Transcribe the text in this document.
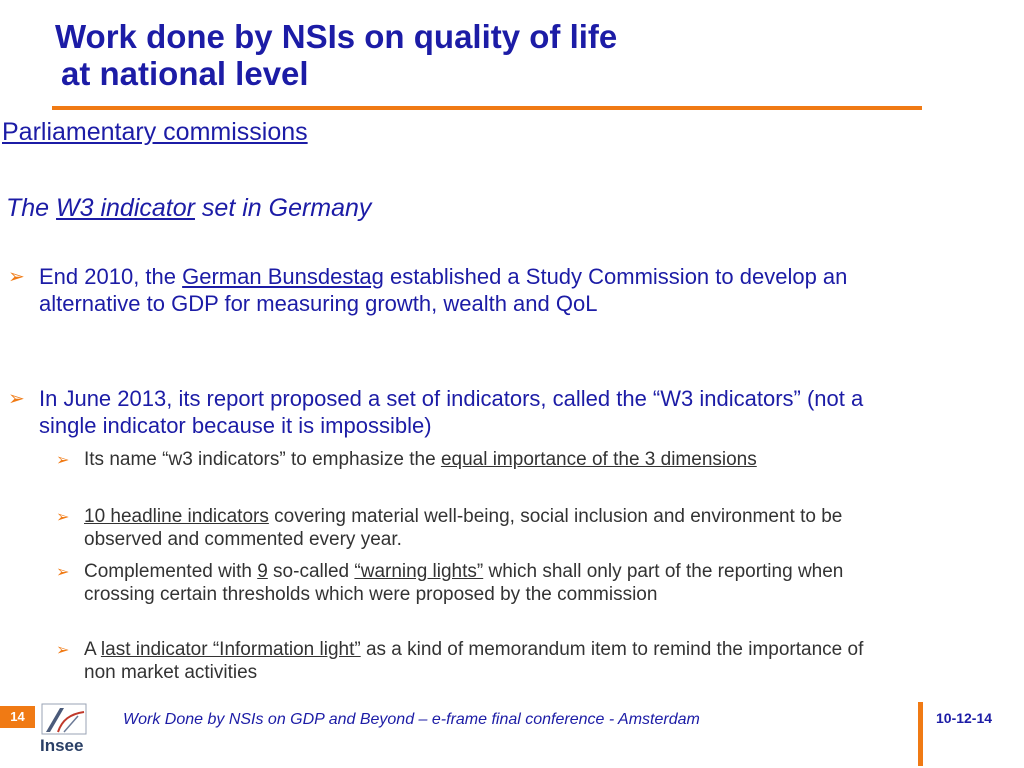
Work done by NSIs on quality of life
at national level
Parliamentary commissions
The W3 indicator set in Germany
➢ End 2010, the German Bunsdestag established a Study Commission to develop an alternative to GDP for measuring growth, wealth and QoL
➢ In June 2013, its report proposed a set of indicators, called the “W3 indicators” (not a single indicator because it is impossible)
➢ Its name “w3 indicators” to emphasize the equal importance of the 3 dimensions
➢ 10 headline indicators covering material well-being, social inclusion and environment to be observed and commented every year.
➢ Complemented with 9 so-called “warning lights” which shall only part of the reporting when crossing certain thresholds which were proposed by the commission
➢ A last indicator “Information light” as a kind of memorandum item to remind the importance of non market activities
14
Insee
Work Done by NSIs on GDP and Beyond – e-frame final conference - Amsterdam	10-12-14
